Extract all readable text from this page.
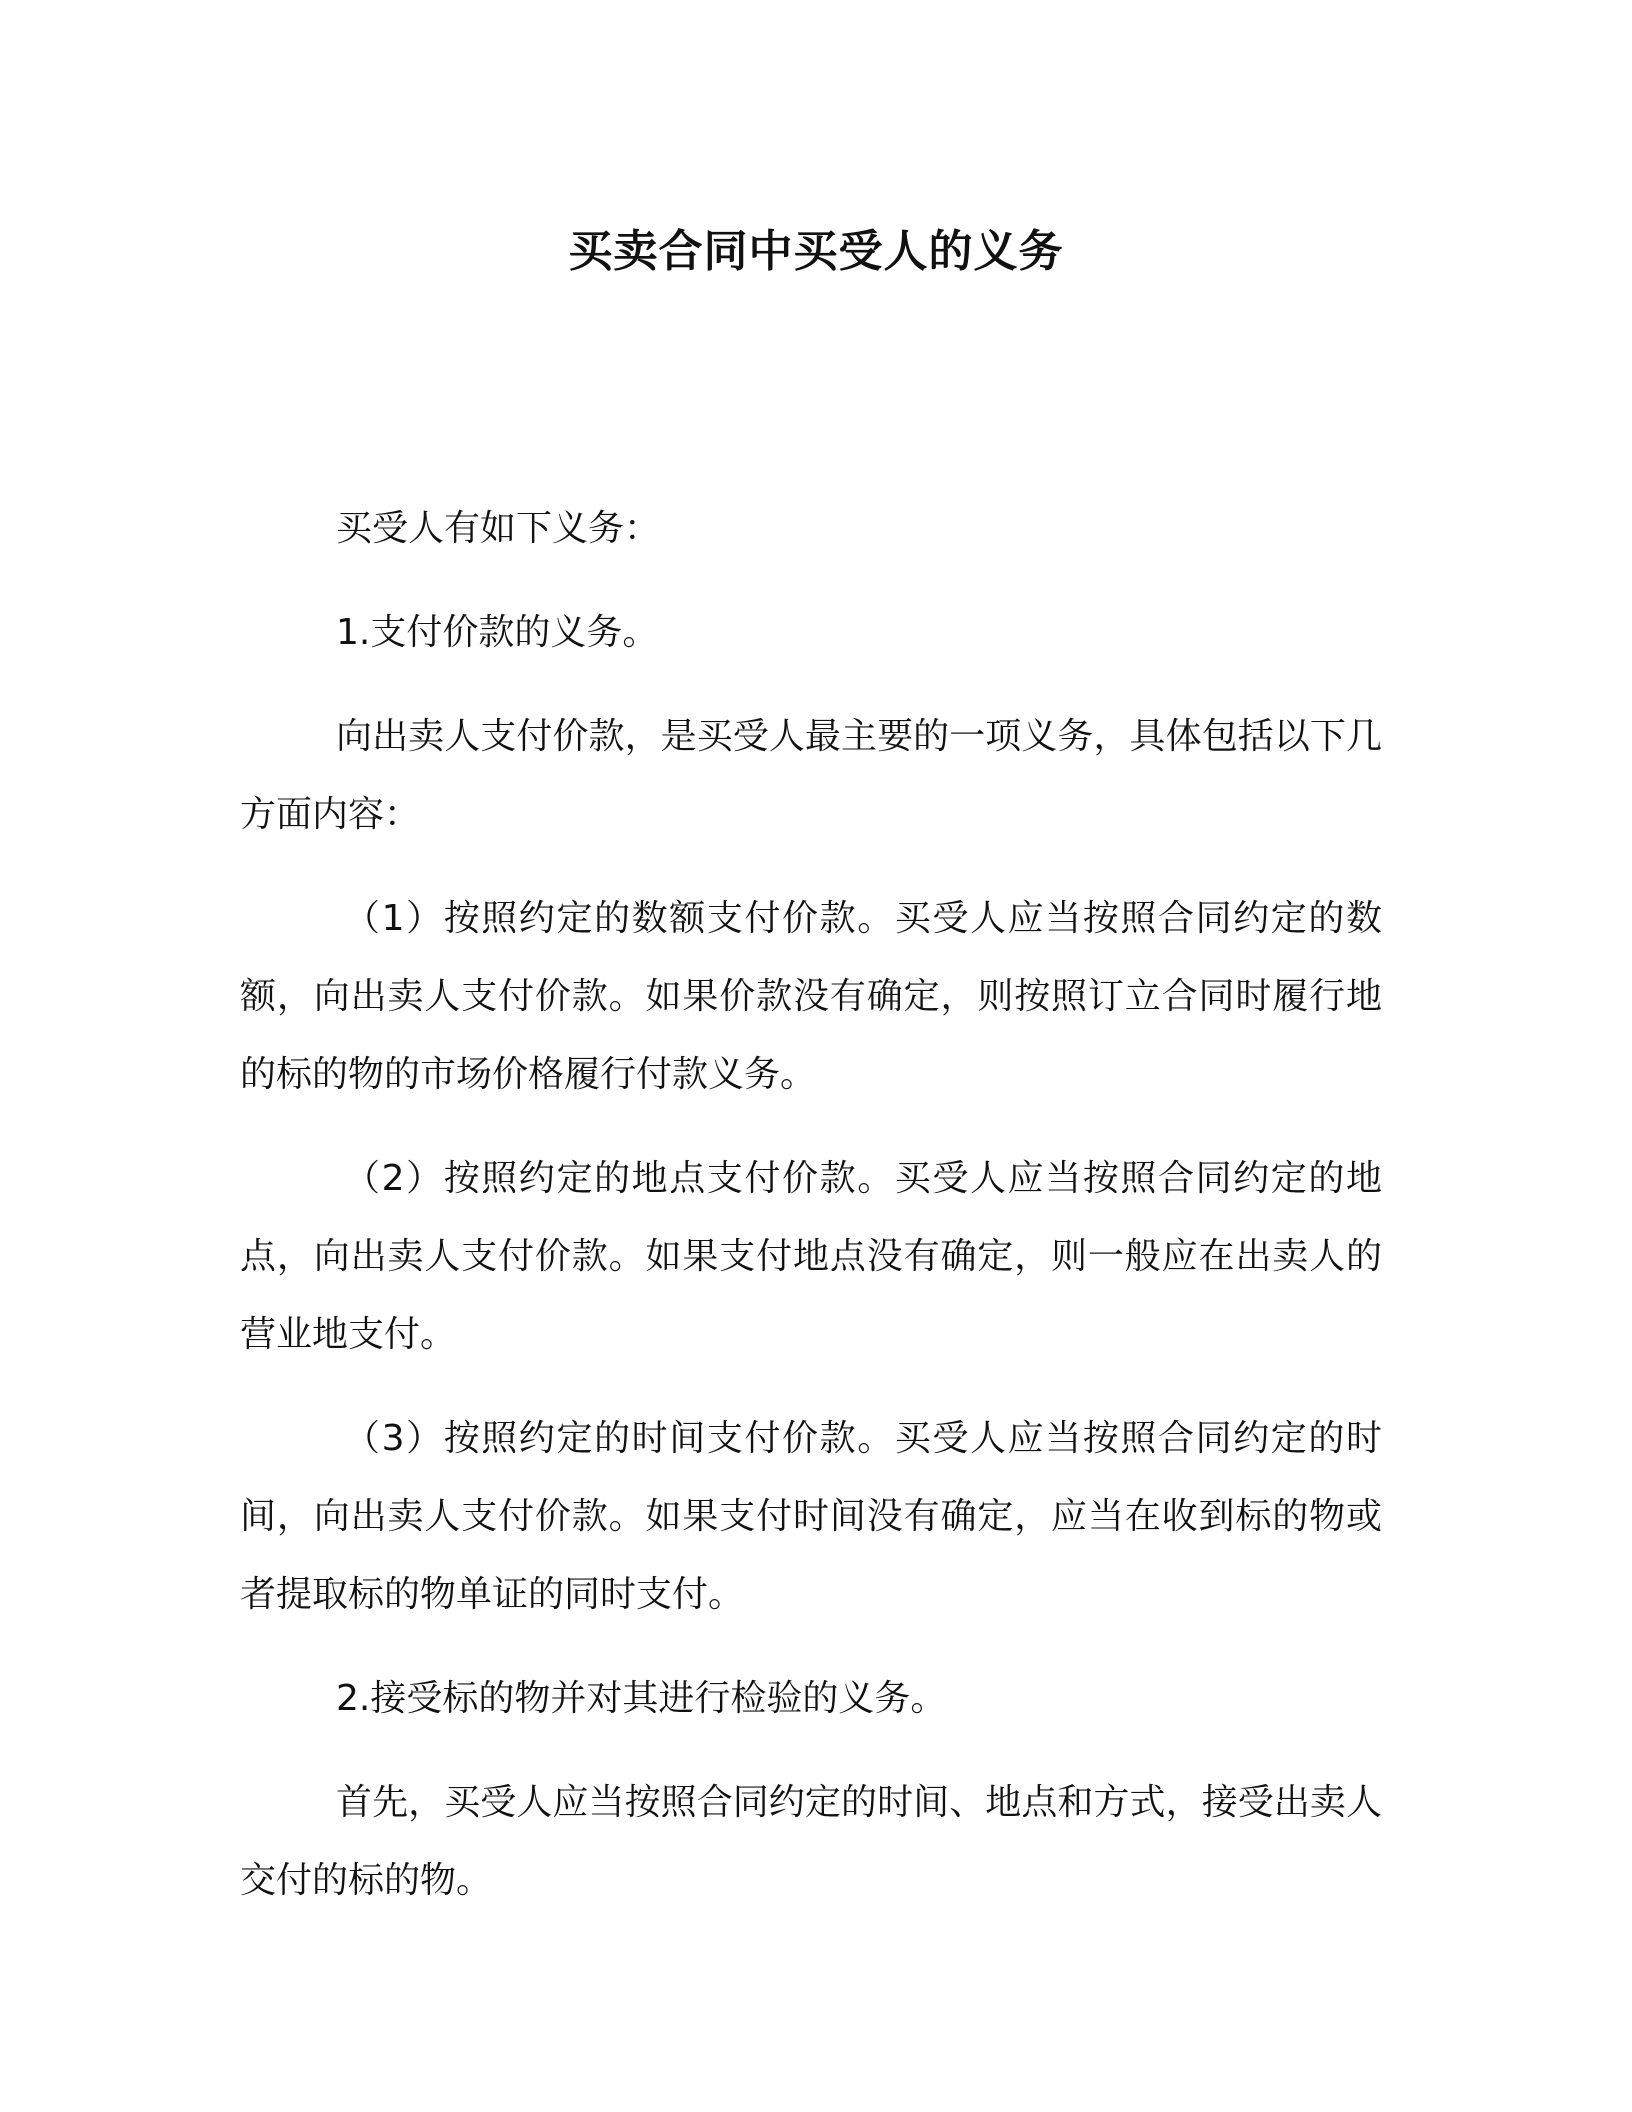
买卖合同中买受人的义务

买受人有如下义务：

1.支付价款的义务。

向出卖人支付价款，是买受人最主要的一项义务，具体包括以下几方面内容：

（1）按照约定的数额支付价款。买受人应当按照合同约定的数额，向出卖人支付价款。如果价款没有确定，则按照订立合同时履行地的标的物的市场价格履行付款义务。

（2）按照约定的地点支付价款。买受人应当按照合同约定的地点，向出卖人支付价款。如果支付地点没有确定，则一般应在出卖人的营业地支付。

（3）按照约定的时间支付价款。买受人应当按照合同约定的时间，向出卖人支付价款。如果支付时间没有确定，应当在收到标的物或者提取标的物单证的同时支付。

2.接受标的物并对其进行检验的义务。

首先，买受人应当按照合同约定的时间、地点和方式，接受出卖人交付的标的物。
